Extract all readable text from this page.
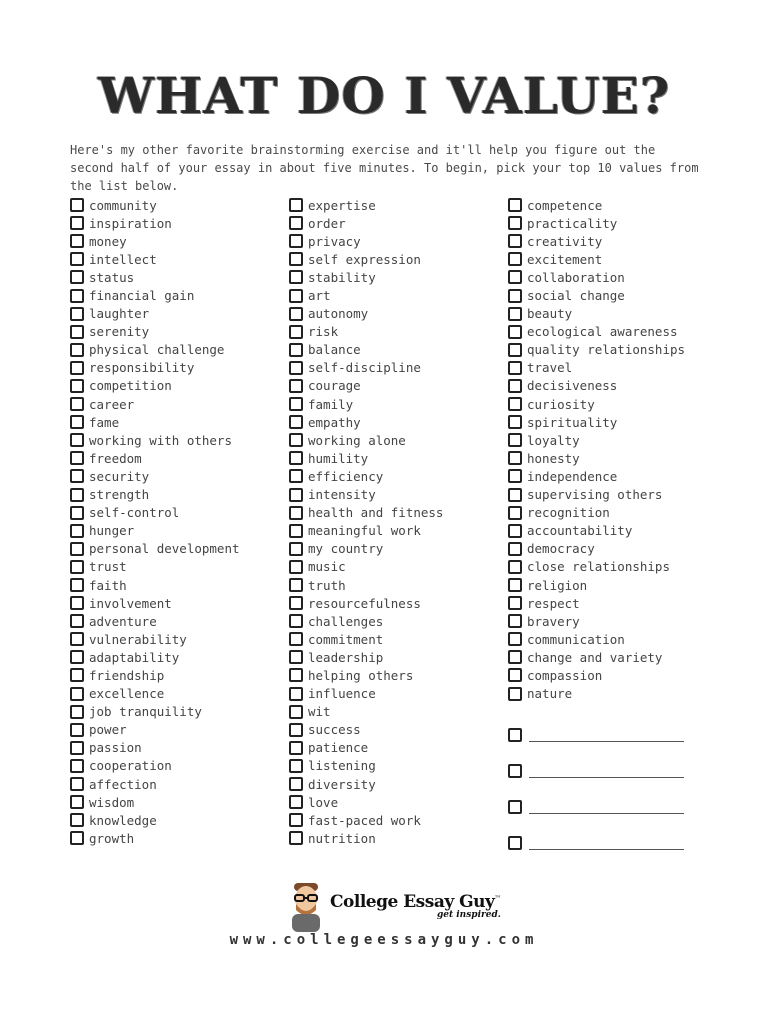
WHAT DO I VALUE?
Here's my other favorite brainstorming exercise and it'll help you figure out the second half of your essay in about five minutes. To begin, pick your top 10 values from the list below.
community
inspiration
money
intellect
status
financial gain
laughter
serenity
physical challenge
responsibility
competition
career
fame
working with others
freedom
security
strength
self-control
hunger
personal development
trust
faith
involvement
adventure
vulnerability
adaptability
friendship
excellence
job tranquility
power
passion
cooperation
affection
wisdom
knowledge
growth
expertise
order
privacy
self expression
stability
art
autonomy
risk
balance
self-discipline
courage
family
empathy
working alone
humility
efficiency
intensity
health and fitness
meaningful work
my country
music
truth
resourcefulness
challenges
commitment
leadership
helping others
influence
wit
success
patience
listening
diversity
love
fast-paced work
nutrition
competence
practicality
creativity
excitement
collaboration
social change
beauty
ecological awareness
quality relationships
travel
decisiveness
curiosity
spirituality
loyalty
honesty
independence
supervising others
recognition
accountability
democracy
close relationships
religion
respect
bravery
communication
change and variety
compassion
nature
College Essay Guy™
get inspired.
www.collegeessayguy.com
